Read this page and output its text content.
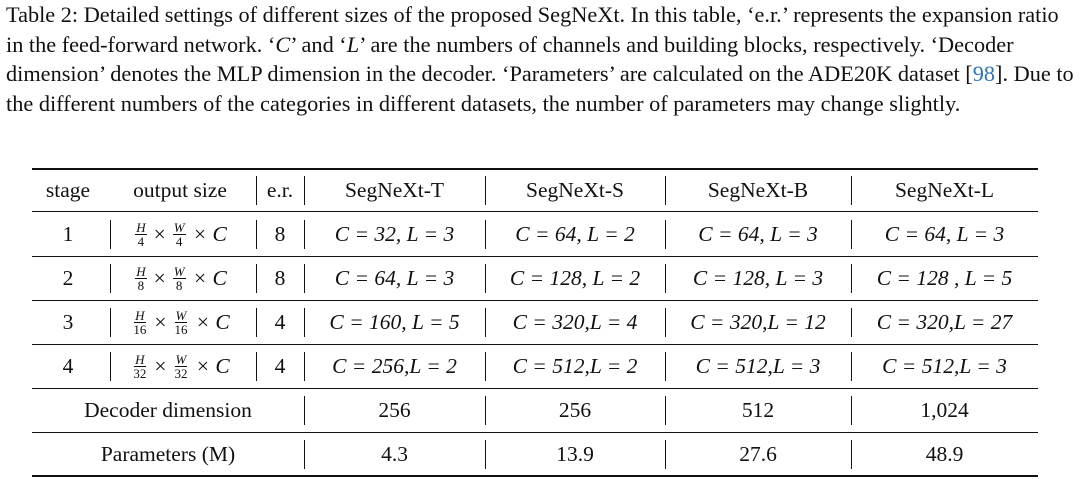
Table 2: Detailed settings of different sizes of the proposed SegNeXt. In this table, ‘e.r.’ represents the expansion ratio in the feed-forward network. ‘C’ and ‘L’ are the numbers of channels and building blocks, respectively. ‘Decoder dimension’ denotes the MLP dimension in the decoder. ‘Parameters’ are calculated on the ADE20K dataset [98]. Due to the different numbers of the categories in different datasets, the number of parameters may change slightly.
stage	output size	e.r.	SegNeXt-T	SegNeXt-S	SegNeXt-B	SegNeXt-L
1	$\frac{H}{4} \times \frac{W}{4} \times C$	8	C = 32, L = 3	C = 64, L = 2	C = 64, L = 3	C = 64, L = 3
2	$\frac{H}{8} \times \frac{W}{8} \times C$	8	C = 64, L = 3	C = 128, L = 2	C = 128, L = 3	C = 128 , L = 5
3	$\frac{H}{16} \times \frac{W}{16} \times C$	4	C = 160, L = 5	C = 320,L = 4	C = 320,L = 12	C = 320,L = 27
4	$\frac{H}{32} \times \frac{W}{32} \times C$	4	C = 256,L = 2	C = 512,L = 2	C = 512,L = 3	C = 512,L = 3
Decoder dimension	256	256	512	1,024
Parameters (M)	4.3	13.9	27.6	48.9
